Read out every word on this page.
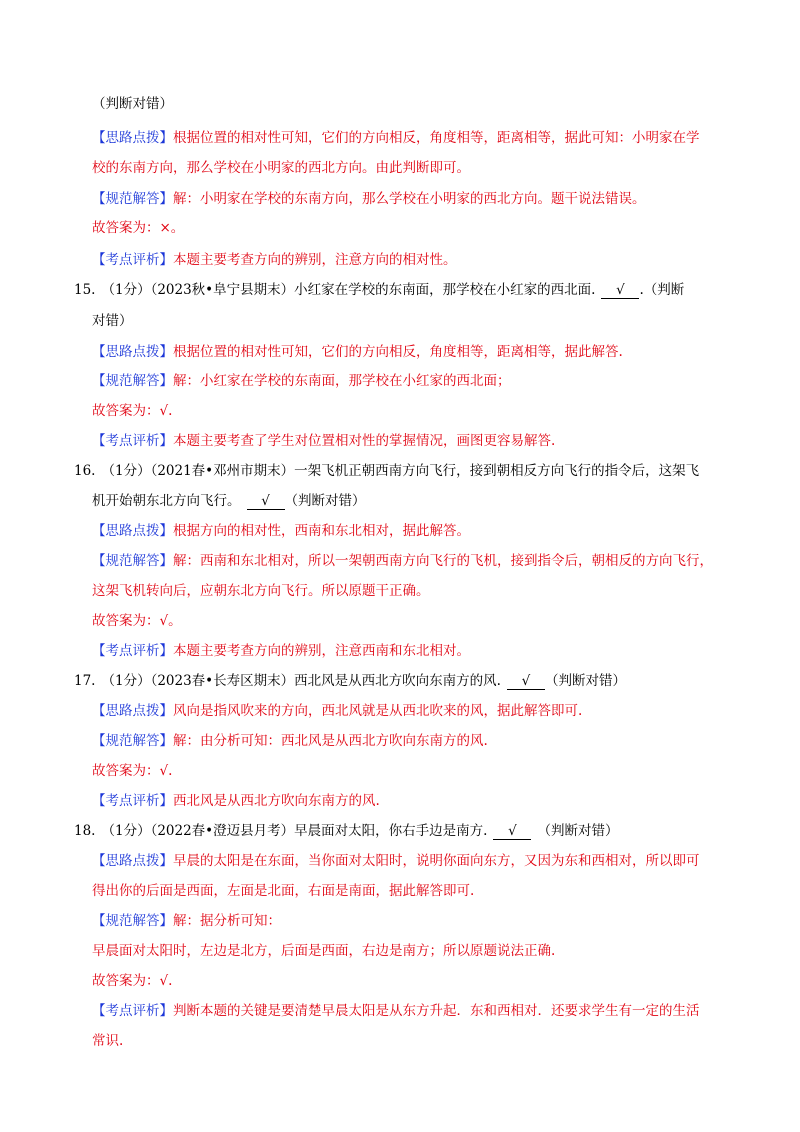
（判断对错）
【思路点拨】根据位置的相对性可知，它们的方向相反，角度相等，距离相等，据此可知：小明家在学
校的东南方向，那么学校在小明家的西北方向。由此判断即可。
【规范解答】解：小明家在学校的东南方向，那么学校在小明家的西北方向。题干说法错误。
故答案为：×。
【考点评析】本题主要考查方向的辨别，注意方向的相对性。
15. （1分）（2023秋•阜宁县期末）小红家在学校的东南面，那学校在小红家的西北面. √ .（判断
对错）
【思路点拨】根据位置的相对性可知，它们的方向相反，角度相等，距离相等，据此解答.
【规范解答】解：小红家在学校的东南面，那学校在小红家的西北面；
故答案为：√.
【考点评析】本题主要考查了学生对位置相对性的掌握情况，画图更容易解答.
16. （1分）（2021春•邓州市期末）一架飞机正朝西南方向飞行，接到朝相反方向飞行的指令后，这架飞
机开始朝东北方向飞行。 √ （判断对错）
【思路点拨】根据方向的相对性，西南和东北相对，据此解答。
【规范解答】解：西南和东北相对，所以一架朝西南方向飞行的飞机，接到指令后，朝相反的方向飞行，
这架飞机转向后，应朝东北方向飞行。所以原题干正确。
故答案为：√。
【考点评析】本题主要考查方向的辨别，注意西南和东北相对。
17. （1分）（2023春•长寿区期末）西北风是从西北方吹向东南方的风. √ （判断对错）
【思路点拨】风向是指风吹来的方向，西北风就是从西北吹来的风，据此解答即可.
【规范解答】解：由分析可知：西北风是从西北方吹向东南方的风.
故答案为：√.
【考点评析】西北风是从西北方吹向东南方的风.
18. （1分）（2022春•澄迈县月考）早晨面对太阳，你右手边是南方. √ （判断对错）
【思路点拨】早晨的太阳是在东面，当你面对太阳时，说明你面向东方，又因为东和西相对，所以即可
得出你的后面是西面，左面是北面，右面是南面，据此解答即可.
【规范解答】解：据分析可知：
早晨面对太阳时，左边是北方，后面是西面，右边是南方；所以原题说法正确.
故答案为：√.
【考点评析】判断本题的关键是要清楚早晨太阳是从东方升起．东和西相对．还要求学生有一定的生活
常识.
